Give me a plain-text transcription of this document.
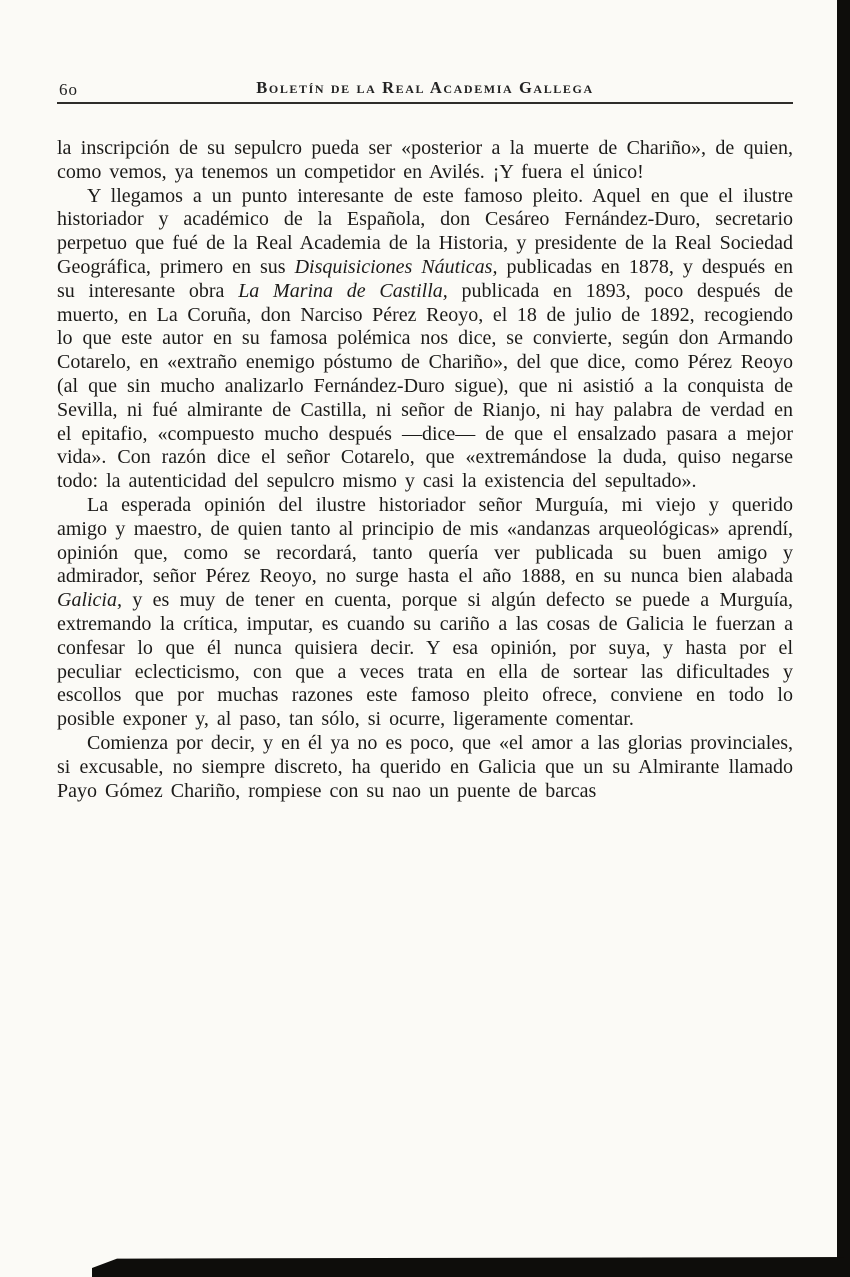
6o	Boletín de la Real Academia Gallega

la inscripción de su sepulcro pueda ser «posterior a la muerte de Chariño», de quien, como vemos, ya tenemos un competidor en Avilés. ¡Y fuera el único!

Y llegamos a un punto interesante de este famoso pleito. Aquel en que el ilustre historiador y académico de la Española, don Cesáreo Fernández-Duro, secretario perpetuo que fué de la Real Academia de la Historia, y presidente de la Real Sociedad Geográfica, primero en sus Disquisiciones Náuticas, publicadas en 1878, y después en su interesante obra La Marina de Castilla, publicada en 1893, poco después de muerto, en La Coruña, don Narciso Pérez Reoyo, el 18 de julio de 1892, recogiendo lo que este autor en su famosa polémica nos dice, se convierte, según don Armando Cotarelo, en «extraño enemigo póstumo de Chariño», del que dice, como Pérez Reoyo (al que sin mucho analizarlo Fernández-Duro sigue), que ni asistió a la conquista de Sevilla, ni fué almirante de Castilla, ni señor de Rianjo, ni hay palabra de verdad en el epitafio, «compuesto mucho después —dice— de que el ensalzado pasara a mejor vida». Con razón dice el señor Cotarelo, que «extremándose la duda, quiso negarse todo: la autenticidad del sepulcro mismo y casi la existencia del sepultado».

La esperada opinión del ilustre historiador señor Murguía, mi viejo y querido amigo y maestro, de quien tanto al principio de mis «andanzas arqueológicas» aprendí, opinión que, como se recordará, tanto quería ver publicada su buen amigo y admirador, señor Pérez Reoyo, no surge hasta el año 1888, en su nunca bien alabada Galicia, y es muy de tener en cuenta, porque si algún defecto se puede a Murguía, extremando la crítica, imputar, es cuando su cariño a las cosas de Galicia le fuerzan a confesar lo que él nunca quisiera decir. Y esa opinión, por suya, y hasta por el peculiar eclecticismo, con que a veces trata en ella de sortear las dificultades y escollos que por muchas razones este famoso pleito ofrece, conviene en todo lo posible exponer y, al paso, tan sólo, si ocurre, ligeramente comentar.

Comienza por decir, y en él ya no es poco, que «el amor a las glorias provinciales, si excusable, no siempre discreto, ha querido en Galicia que un su Almirante llamado Payo Gómez Chariño, rompiese con su nao un puente de barcas
